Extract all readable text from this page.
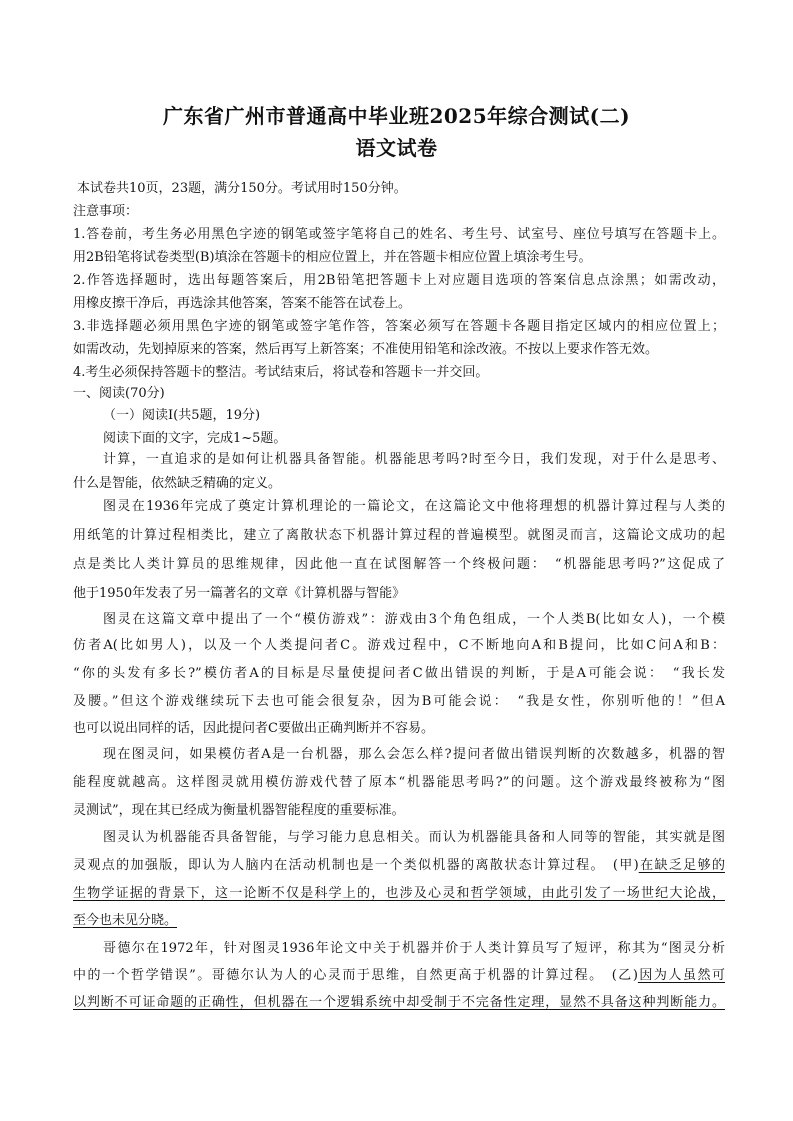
广东省广州市普通高中毕业班2025年综合测试(二)
语文试卷
本试卷共10页，23题，满分150分。考试用时150分钟。
注意事项：
1.答卷前，考生务必用黑色字迹的钢笔或签字笔将自己的姓名、考生号、试室号、座位号填写在答题卡上。
用2B铅笔将试卷类型(B)填涂在答题卡的相应位置上，并在答题卡相应位置上填涂考生号。
2.作答选择题时，选出每题答案后，用2B铅笔把答题卡上对应题目选项的答案信息点涂黑；如需改动，
用橡皮擦干净后，再选涂其他答案，答案不能答在试卷上。
3.非选择题必须用黑色字迹的钢笔或签字笔作答，答案必须写在答题卡各题目指定区域内的相应位置上；
如需改动，先划掉原来的答案，然后再写上新答案；不准使用铅笔和涂改液。不按以上要求作答无效。
4.考生必须保持答题卡的整洁。考试结束后，将试卷和答题卡一并交回。
一、阅读(70分)
（一）阅读Ⅰ(共5题，19分)
阅读下面的文字，完成1~5题。
计算，一直追求的是如何让机器具备智能。机器能思考吗?时至今日，我们发现，对于什么是思考、
什么是智能，依然缺乏精确的定义。
图灵在1936年完成了奠定计算机理论的一篇论文，在这篇论文中他将理想的机器计算过程与人类的
用纸笔的计算过程相类比，建立了离散状态下机器计算过程的普遍模型。就图灵而言，这篇论文成功的起
点是类比人类计算员的思维规律，因此他一直在试图解答一个终极问题：　“机器能思考吗?”这促成了
他于1950年发表了另一篇著名的文章《计算机器与智能》
图灵在这篇文章中提出了一个“模仿游戏”：游戏由3个角色组成，一个人类B(比如女人)，一个模
仿者A(比如男人)，以及一个人类提问者C。游戏过程中，C不断地向A和B提问，比如C问A和B：
“你的头发有多长?”模仿者A的目标是尽量使提问者C做出错误的判断，于是A可能会说：　“我长发
及腰。”但这个游戏继续玩下去也可能会很复杂，因为B可能会说：　“我是女性，你别听他的！”但A
也可以说出同样的话，因此提问者C要做出正确判断并不容易。
现在图灵问，如果模仿者A是一台机器，那么会怎么样?提问者做出错误判断的次数越多，机器的智
能程度就越高。这样图灵就用模仿游戏代替了原本“机器能思考吗?”的问题。这个游戏最终被称为“图
灵测试”，现在其已经成为衡量机器智能程度的重要标准。
图灵认为机器能否具备智能，与学习能力息息相关。而认为机器能具备和人同等的智能，其实就是图
灵观点的加强版，即认为人脑内在活动机制也是一个类似机器的离散状态计算过程。　(甲)在缺乏足够的
生物学证据的背景下，这一论断不仅是科学上的，也涉及心灵和哲学领域，由此引发了一场世纪大论战，
至今也未见分晓。
哥德尔在1972年，针对图灵1936年论文中关于机器并价于人类计算员写了短评，称其为“图灵分析
中的一个哲学错误”。哥德尔认为人的心灵而于思维，自然更高于机器的计算过程。　(乙)因为人虽然可
以判断不可证命题的正确性，但机器在一个逻辑系统中却受制于不完备性定理，显然不具备这种判断能力。
